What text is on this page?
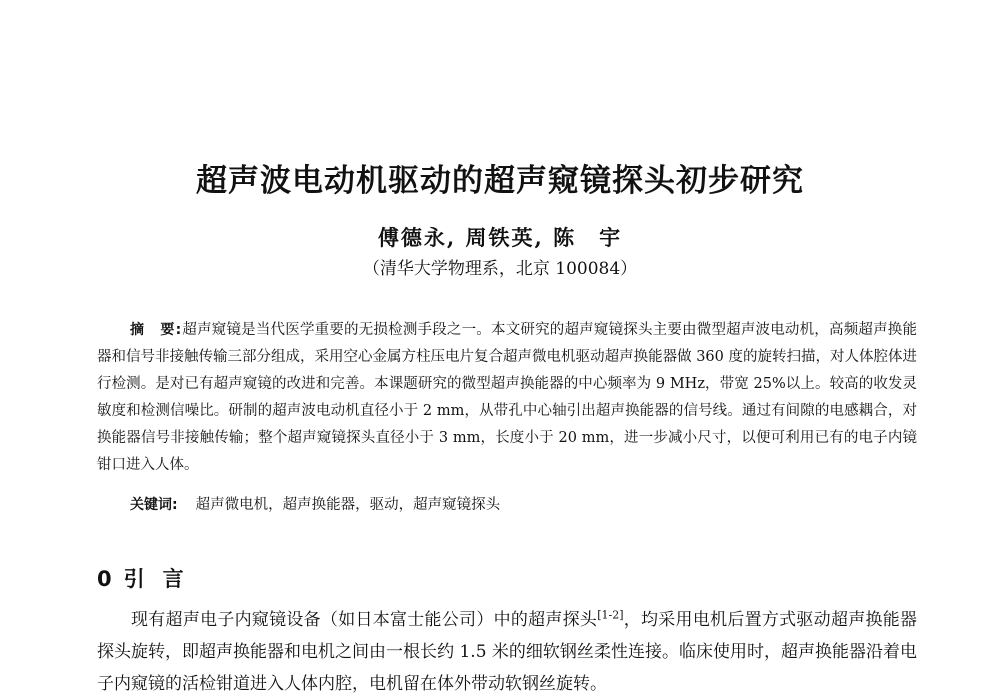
超声波电动机驱动的超声窥镜探头初步研究
傅德永, 周铁英, 陈　宇
（清华大学物理系，北京 100084）
摘　要:超声窥镜是当代医学重要的无损检测手段之一。本文研究的超声窥镜探头主要由微型超声波电动机，高频超声换能器和信号非接触传输三部分组成，采用空心金属方柱压电片复合超声微电机驱动超声换能器做 360 度的旋转扫描，对人体腔体进行检测。是对已有超声窥镜的改进和完善。本课题研究的微型超声换能器的中心频率为 9 MHz，带宽 25%以上。较高的收发灵敏度和检测信噪比。研制的超声波电动机直径小于 2 mm，从带孔中心轴引出超声换能器的信号线。通过有间隙的电感耦合，对换能器信号非接触传输；整个超声窥镜探头直径小于 3 mm，长度小于 20 mm，进一步减小尺寸，以便可利用已有的电子内镜钳口进入人体。
关键词: 超声微电机，超声换能器，驱动，超声窥镜探头
0 引言

现有超声电子内窥镜设备（如日本富士能公司）中的超声探头[1-2]，均采用电机后置方式驱动超声换能器探头旋转，即超声换能器和电机之间由一根长约 1.5 米的细软钢丝柔性连接。临床使用时，超声换能器沿着电子内窥镜的活检钳道进入人体内腔，电机留在体外带动软钢丝旋转。
